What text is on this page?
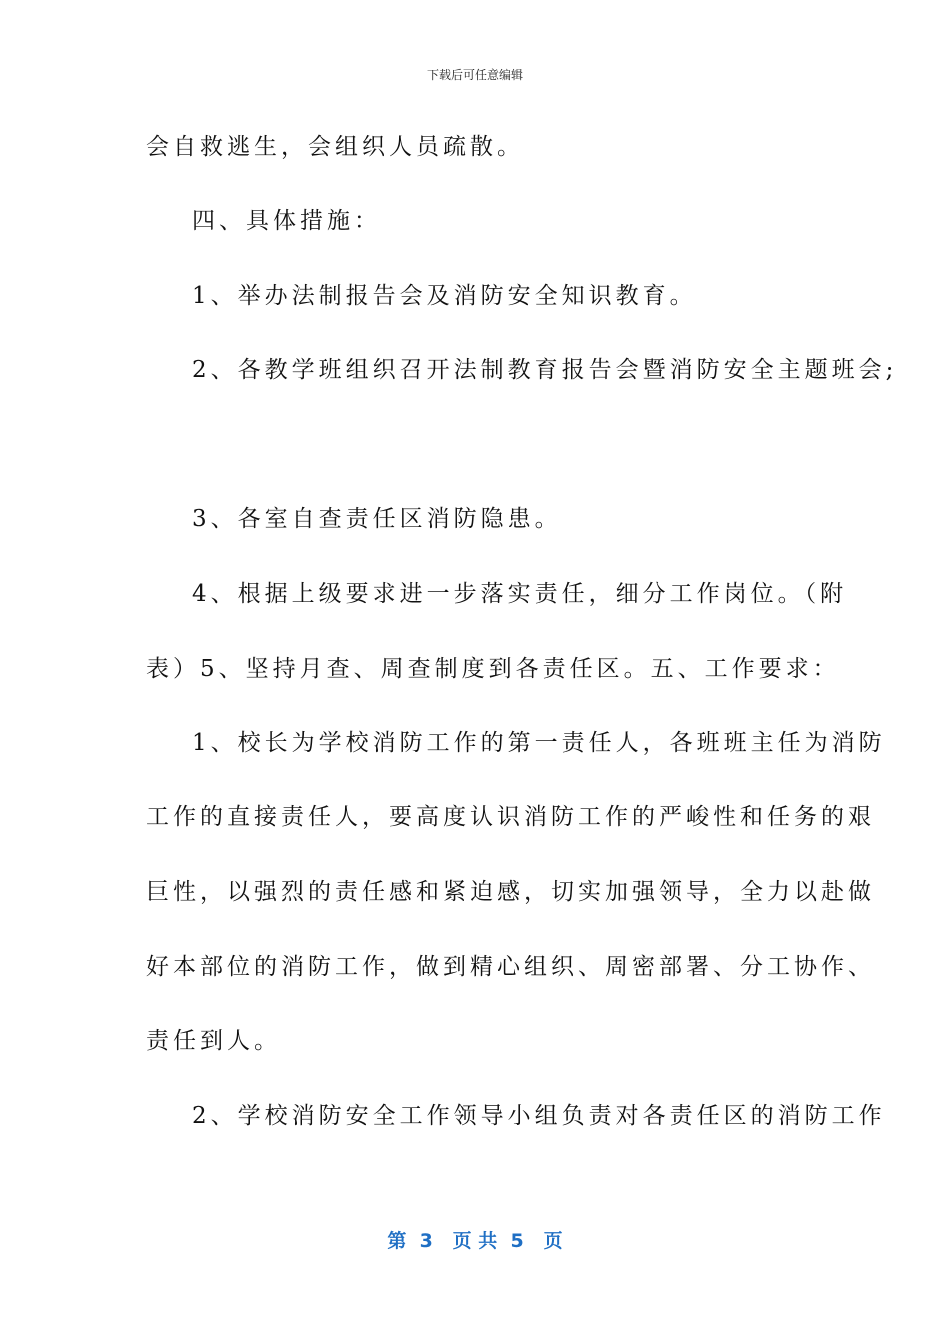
下载后可任意编辑
会自救逃生，会组织人员疏散。
四、具体措施：
1、举办法制报告会及消防安全知识教育。
2、各教学班组织召开法制教育报告会暨消防安全主题班会;
3、各室自查责任区消防隐患。
4、根据上级要求进一步落实责任，细分工作岗位。（附
表）5、坚持月查、周查制度到各责任区。五、工作要求：
1、校长为学校消防工作的第一责任人，各班班主任为消防
工作的直接责任人，要高度认识消防工作的严峻性和任务的艰
巨性，以强烈的责任感和紧迫感，切实加强领导，全力以赴做
好本部位的消防工作，做到精心组织、周密部署、分工协作、
责任到人。
2、学校消防安全工作领导小组负责对各责任区的消防工作
第  3   页 共  5   页
